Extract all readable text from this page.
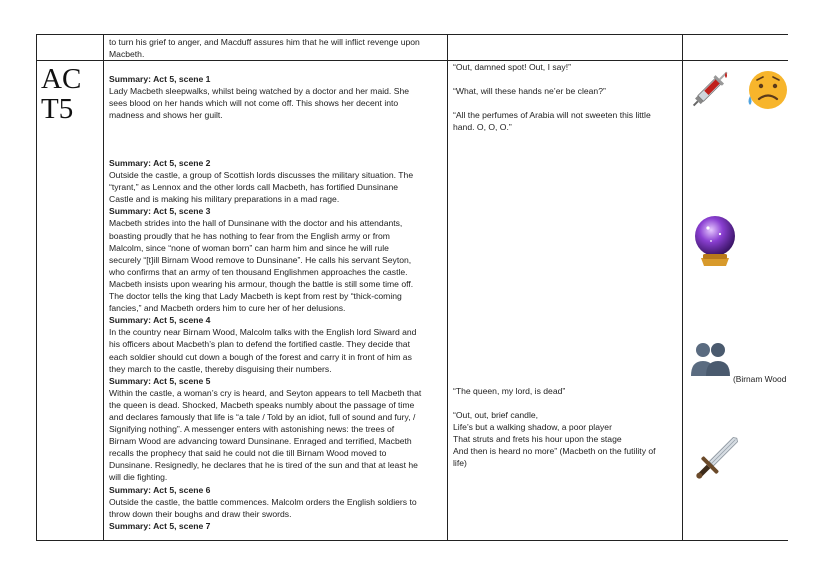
to turn his grief to anger, and Macduff assures him that he will inflict revenge upon

Macbeth.

AC
T5

Summary: Act 5, scene 1

Lady Macbeth sleepwalks, whilst being watched by a doctor and her maid. She

sees blood on her hands which will not come off. This shows her decent into

madness and shows her guilt.

Summary: Act 5, scene 2

Outside the castle, a group of Scottish lords discusses the military situation. The

“tyrant,” as Lennox and the other lords call Macbeth, has fortified Dunsinane

Castle and is making his military preparations in a mad rage.

Summary: Act 5, scene 3

Macbeth strides into the hall of Dunsinane with the doctor and his attendants,

boasting proudly that he has nothing to fear from the English army or from

Malcolm, since “none of woman born” can harm him and since he will rule

securely “[t]ill Birnam Wood remove to Dunsinane”. He calls his servant Seyton,

who confirms that an army of ten thousand Englishmen approaches the castle.

Macbeth insists upon wearing his armour, though the battle is still some time off.

The doctor tells the king that Lady Macbeth is kept from rest by “thick-coming

fancies,” and Macbeth orders him to cure her of her delusions.

Summary: Act 5, scene 4

In the country near Birnam Wood, Malcolm talks with the English lord Siward and

his officers about Macbeth’s plan to defend the fortified castle. They decide that

each soldier should cut down a bough of the forest and carry it in front of him as

they march to the castle, thereby disguising their numbers.

Summary: Act 5, scene 5

Within the castle, a woman’s cry is heard, and Seyton appears to tell Macbeth that

the queen is dead. Shocked, Macbeth speaks numbly about the passage of time

and declares famously that life is “a tale / Told by an idiot, full of sound and fury, /

Signifying nothing”. A messenger enters with astonishing news: the trees of

Birnam Wood are advancing toward Dunsinane. Enraged and terrified, Macbeth

recalls the prophecy that said he could not die till Birnam Wood moved to

Dunsinane. Resignedly, he declares that he is tired of the sun and that at least he

will die fighting.

Summary: Act 5, scene 6

Outside the castle, the battle commences. Malcolm orders the English soldiers to

throw down their boughs and draw their swords.

Summary: Act 5, scene 7

“Out, damned spot! Out, I say!”

“What, will these hands ne’er be clean?”

“All the perfumes of Arabia will not sweeten this little

hand. O, O, O.”

“The queen, my lord, is dead”

“Out, out, brief candle,

Life’s but a walking shadow, a poor player

That struts and frets his hour upon the stage

And then is heard no more” (Macbeth on the futility of

life)

(Birnam Wood
